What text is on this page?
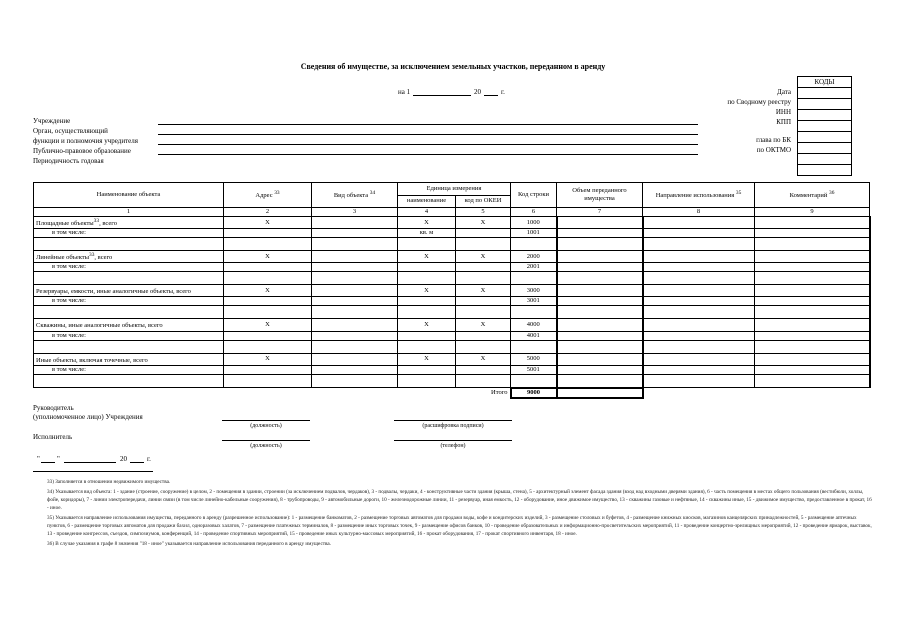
Сведения об имуществе, за исключением земельных участков, переданном в аренду
на 1	20	г.
КОДЫ
Дата
по Сводному реестру
ИНН
КПП
глава по БК
по ОКТМО
Учреждение
Орган, осуществляющий
функции и полномочия учредителя
Публично-правовое образование
Периодичность годовая
Наименование объекта	Адрес $^{33}$	Вид объекта $^{34}$	Единица измерения		Код строки	Объем переданного имущества	Направление использования $^{35}$	Комментарий $^{36}$
			наименование	код по ОКЕИ				
1	2	3	4	5	6	7	8	9
Площадные объекты$^{33}$, всего	Х		Х	Х	1000			
в том числе:			кв. м		1001			

Линейные объекты$^{33}$, всего	Х		Х	Х	2000			
в том числе:					2001			

Резервуары, емкости, иные аналогичные объекты, всего	Х		Х	Х	3000			
в том числе:					3001			

Скважины, иные аналогичные объекты, всего	Х		Х	Х	4000			
в том числе:					4001			

Иные объекты, включая точечные, всего	Х		Х	Х	5000			
в том числе:					5001			

				Итого	9000			
Руководитель
(уполномоченное лицо) Учреждения
(должность)	(расшифровка подписи)
Исполнитель
(должность)	(телефон)
" "	20	г.

33) Заполняется в отношении недвижимого имущества.

34) Указывается вид объекта: 1 - здание (строение, сооружение) в целом, 2 - помещения в здании, строении (за исключением подвалов, чердаков), 3 - подвалы, чердаки, 4 - конструктивные части здания (крыша, стена), 5 - архитектурный элемент фасада здания (вход над входными дверями здания), 6 - часть помещения в местах общего пользования (вестибюли, холлы, фойе, коридоры), 7 - линии электропередачи, линии связи (в том числе линейно-кабельные сооружения), 8 - трубопроводы, 9 - автомобильные дороги, 10 - железнодорожные линии, 11 - резервуар, иная емкость, 12 - оборудование, иное движимое имущество, 13 - скважины газовые и нефтяные, 14 - скважины иные, 15 - движимое имущество, предоставленное в прокат, 16 - иное.

35) Указывается направление использования имущества, переданного в аренду (разрешенное использование): 1 - размещение банкоматов, 2 - размещение торговых автоматов для продажи воды, кофе и кондитерских изделий, 3 - размещение столовых и буфетов, 4 - размещение книжных киосков, магазинов канцелярских принадлежностей, 5 - размещение аптечных пунктов, 6 - размещение торговых автоматов для продажи бахил, одноразовых халатов, 7 - размещение платежных терминалов, 8 - размещение иных торговых точек, 9 - размещение офисов банков, 10 - проведение образовательных и информационно-просветительских мероприятий, 11 - проведение концертно-зрелищных мероприятий, 12 - проведение ярмарок, выставок, 13 - проведение конгрессов, съездов, симпозиумов, конференций, 14 - проведение спортивных мероприятий, 15 - проведение иных культурно-массовых мероприятий, 16 - прокат оборудования, 17 - прокат спортивного инвентаря, 18 - иное.

36) В случае указания в графе 8 значения "18 - иное" указывается направление использования переданного в аренду имущества.
